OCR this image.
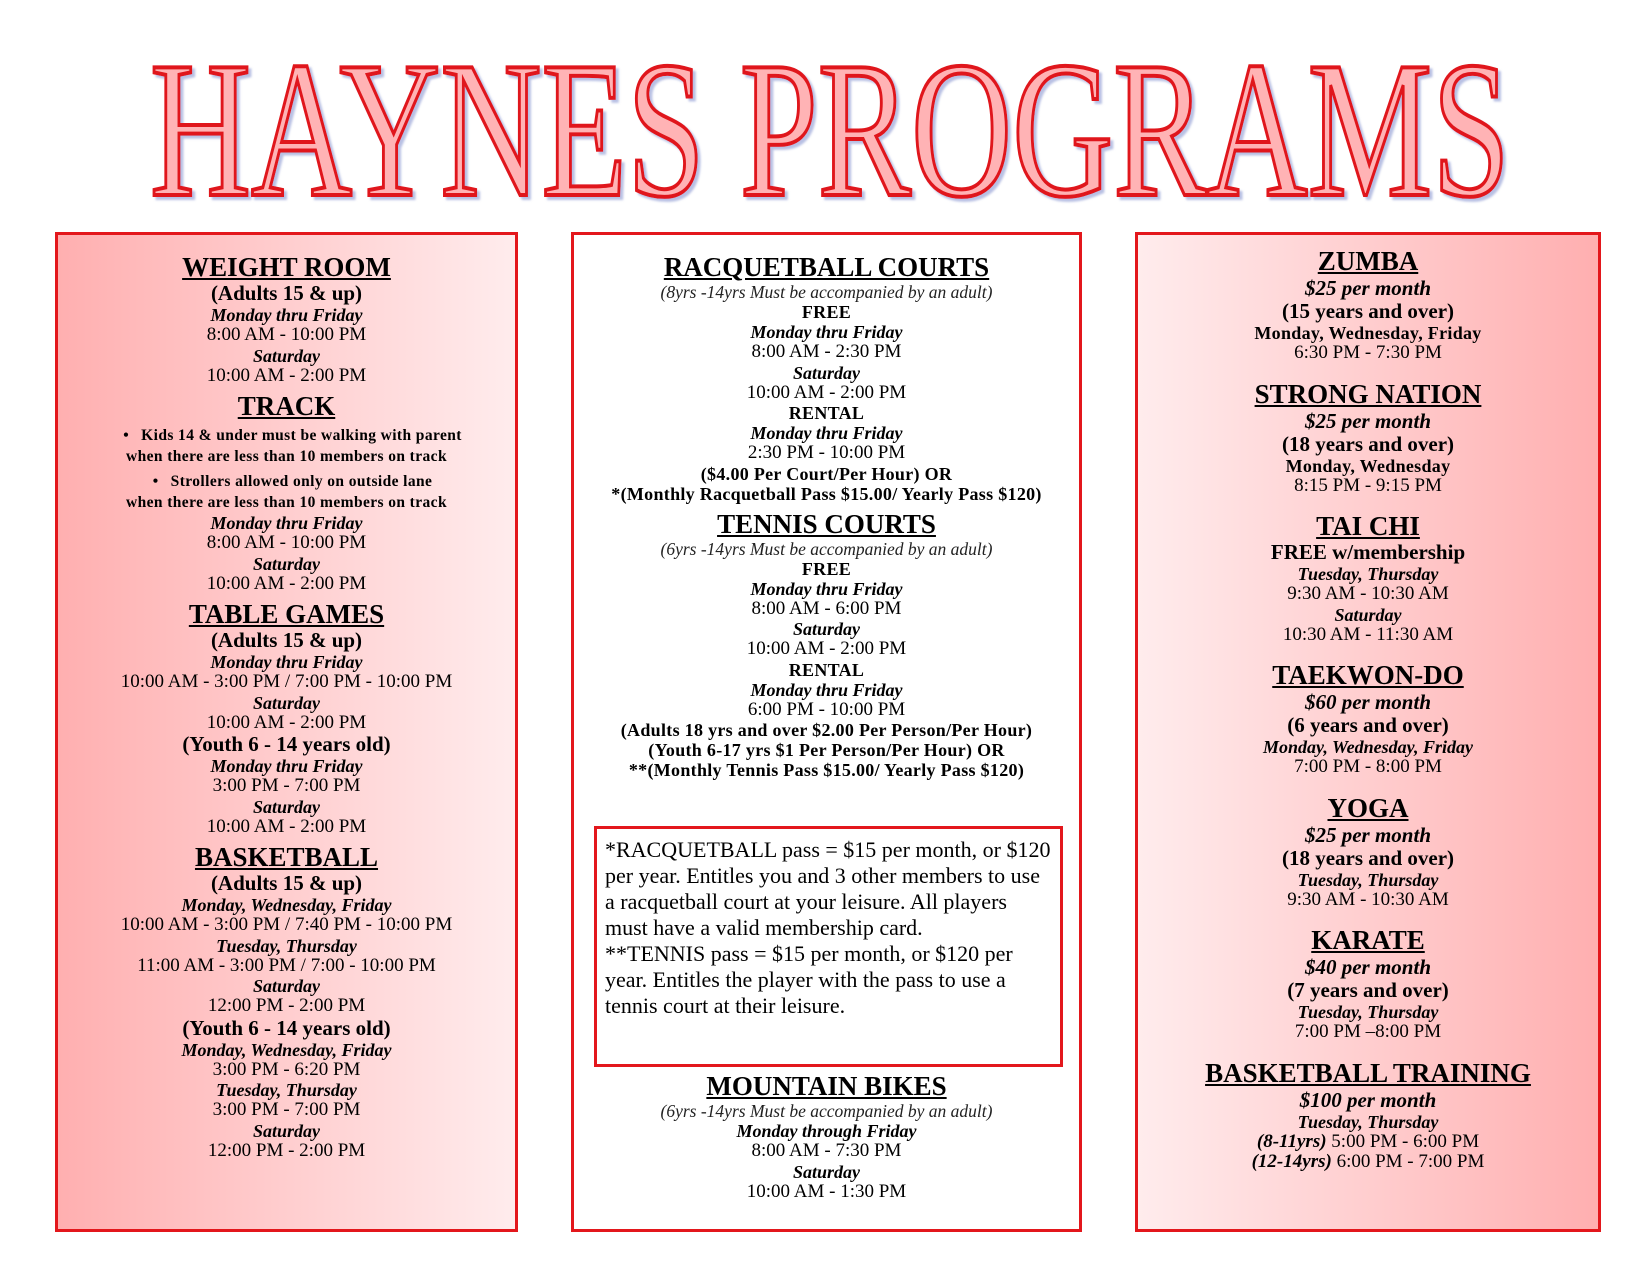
HAYNES PROGRAMS
WEIGHT ROOM
(Adults 15 & up)
Monday thru Friday
8:00 AM - 10:00 PM
Saturday
10:00 AM - 2:00 PM
TRACK
• Kids 14 & under must be walking with parent
when there are less than 10 members on track
• Strollers allowed only on outside lane
when there are less than 10 members on track
Monday thru Friday
8:00 AM - 10:00 PM
Saturday
10:00 AM - 2:00 PM
TABLE GAMES
(Adults 15 & up)
Monday thru Friday
10:00 AM - 3:00 PM / 7:00 PM - 10:00 PM
Saturday
10:00 AM - 2:00 PM
(Youth 6 - 14 years old)
Monday thru Friday
3:00 PM - 7:00 PM
Saturday
10:00 AM - 2:00 PM
BASKETBALL
(Adults 15 & up)
Monday, Wednesday, Friday
10:00 AM - 3:00 PM / 7:40 PM - 10:00 PM
Tuesday, Thursday
11:00 AM - 3:00 PM / 7:00 - 10:00 PM
Saturday
12:00 PM - 2:00 PM
(Youth 6 - 14 years old)
Monday, Wednesday, Friday
3:00 PM - 6:20 PM
Tuesday, Thursday
3:00 PM - 7:00 PM
Saturday
12:00 PM - 2:00 PM
RACQUETBALL COURTS
(8yrs -14yrs Must be accompanied by an adult)
FREE
Monday thru Friday
8:00 AM - 2:30 PM
Saturday
10:00 AM - 2:00 PM
RENTAL
Monday thru Friday
2:30 PM - 10:00 PM
($4.00 Per Court/Per Hour) OR
*(Monthly Racquetball Pass $15.00/ Yearly Pass $120)
TENNIS COURTS
(6yrs -14yrs Must be accompanied by an adult)
FREE
Monday thru Friday
8:00 AM - 6:00 PM
Saturday
10:00 AM - 2:00 PM
RENTAL
Monday thru Friday
6:00 PM - 10:00 PM
(Adults 18 yrs and over $2.00 Per Person/Per Hour)
(Youth 6-17 yrs $1 Per Person/Per Hour) OR
**(Monthly Tennis Pass $15.00/ Yearly Pass $120)

*RACQUETBALL pass = $15 per month, or $120 per year. Entitles you and 3 other members to use a racquetball court at your leisure. All players must have a valid membership card.

**TENNIS pass = $15 per month, or $120 per year. Entitles the player with the pass to use a tennis court at their leisure.

MOUNTAIN BIKES
(6yrs -14yrs Must be accompanied by an adult)
Monday through Friday
8:00 AM - 7:30 PM
Saturday
10:00 AM - 1:30 PM
ZUMBA
$25 per month
(15 years and over)
Monday, Wednesday, Friday
6:30 PM - 7:30 PM
STRONG NATION
$25 per month
(18 years and over)
Monday, Wednesday
8:15 PM - 9:15 PM
TAI CHI
FREE w/membership
Tuesday, Thursday
9:30 AM - 10:30 AM
Saturday
10:30 AM - 11:30 AM
TAEKWON-DO
$60 per month
(6 years and over)
Monday, Wednesday, Friday
7:00 PM - 8:00 PM
YOGA
$25 per month
(18 years and over)
Tuesday, Thursday
9:30 AM - 10:30 AM
KARATE
$40 per month
(7 years and over)
Tuesday, Thursday
7:00 PM –8:00 PM
BASKETBALL TRAINING
$100 per month
Tuesday, Thursday
(8-11yrs) 5:00 PM - 6:00 PM
(12-14yrs) 6:00 PM - 7:00 PM
